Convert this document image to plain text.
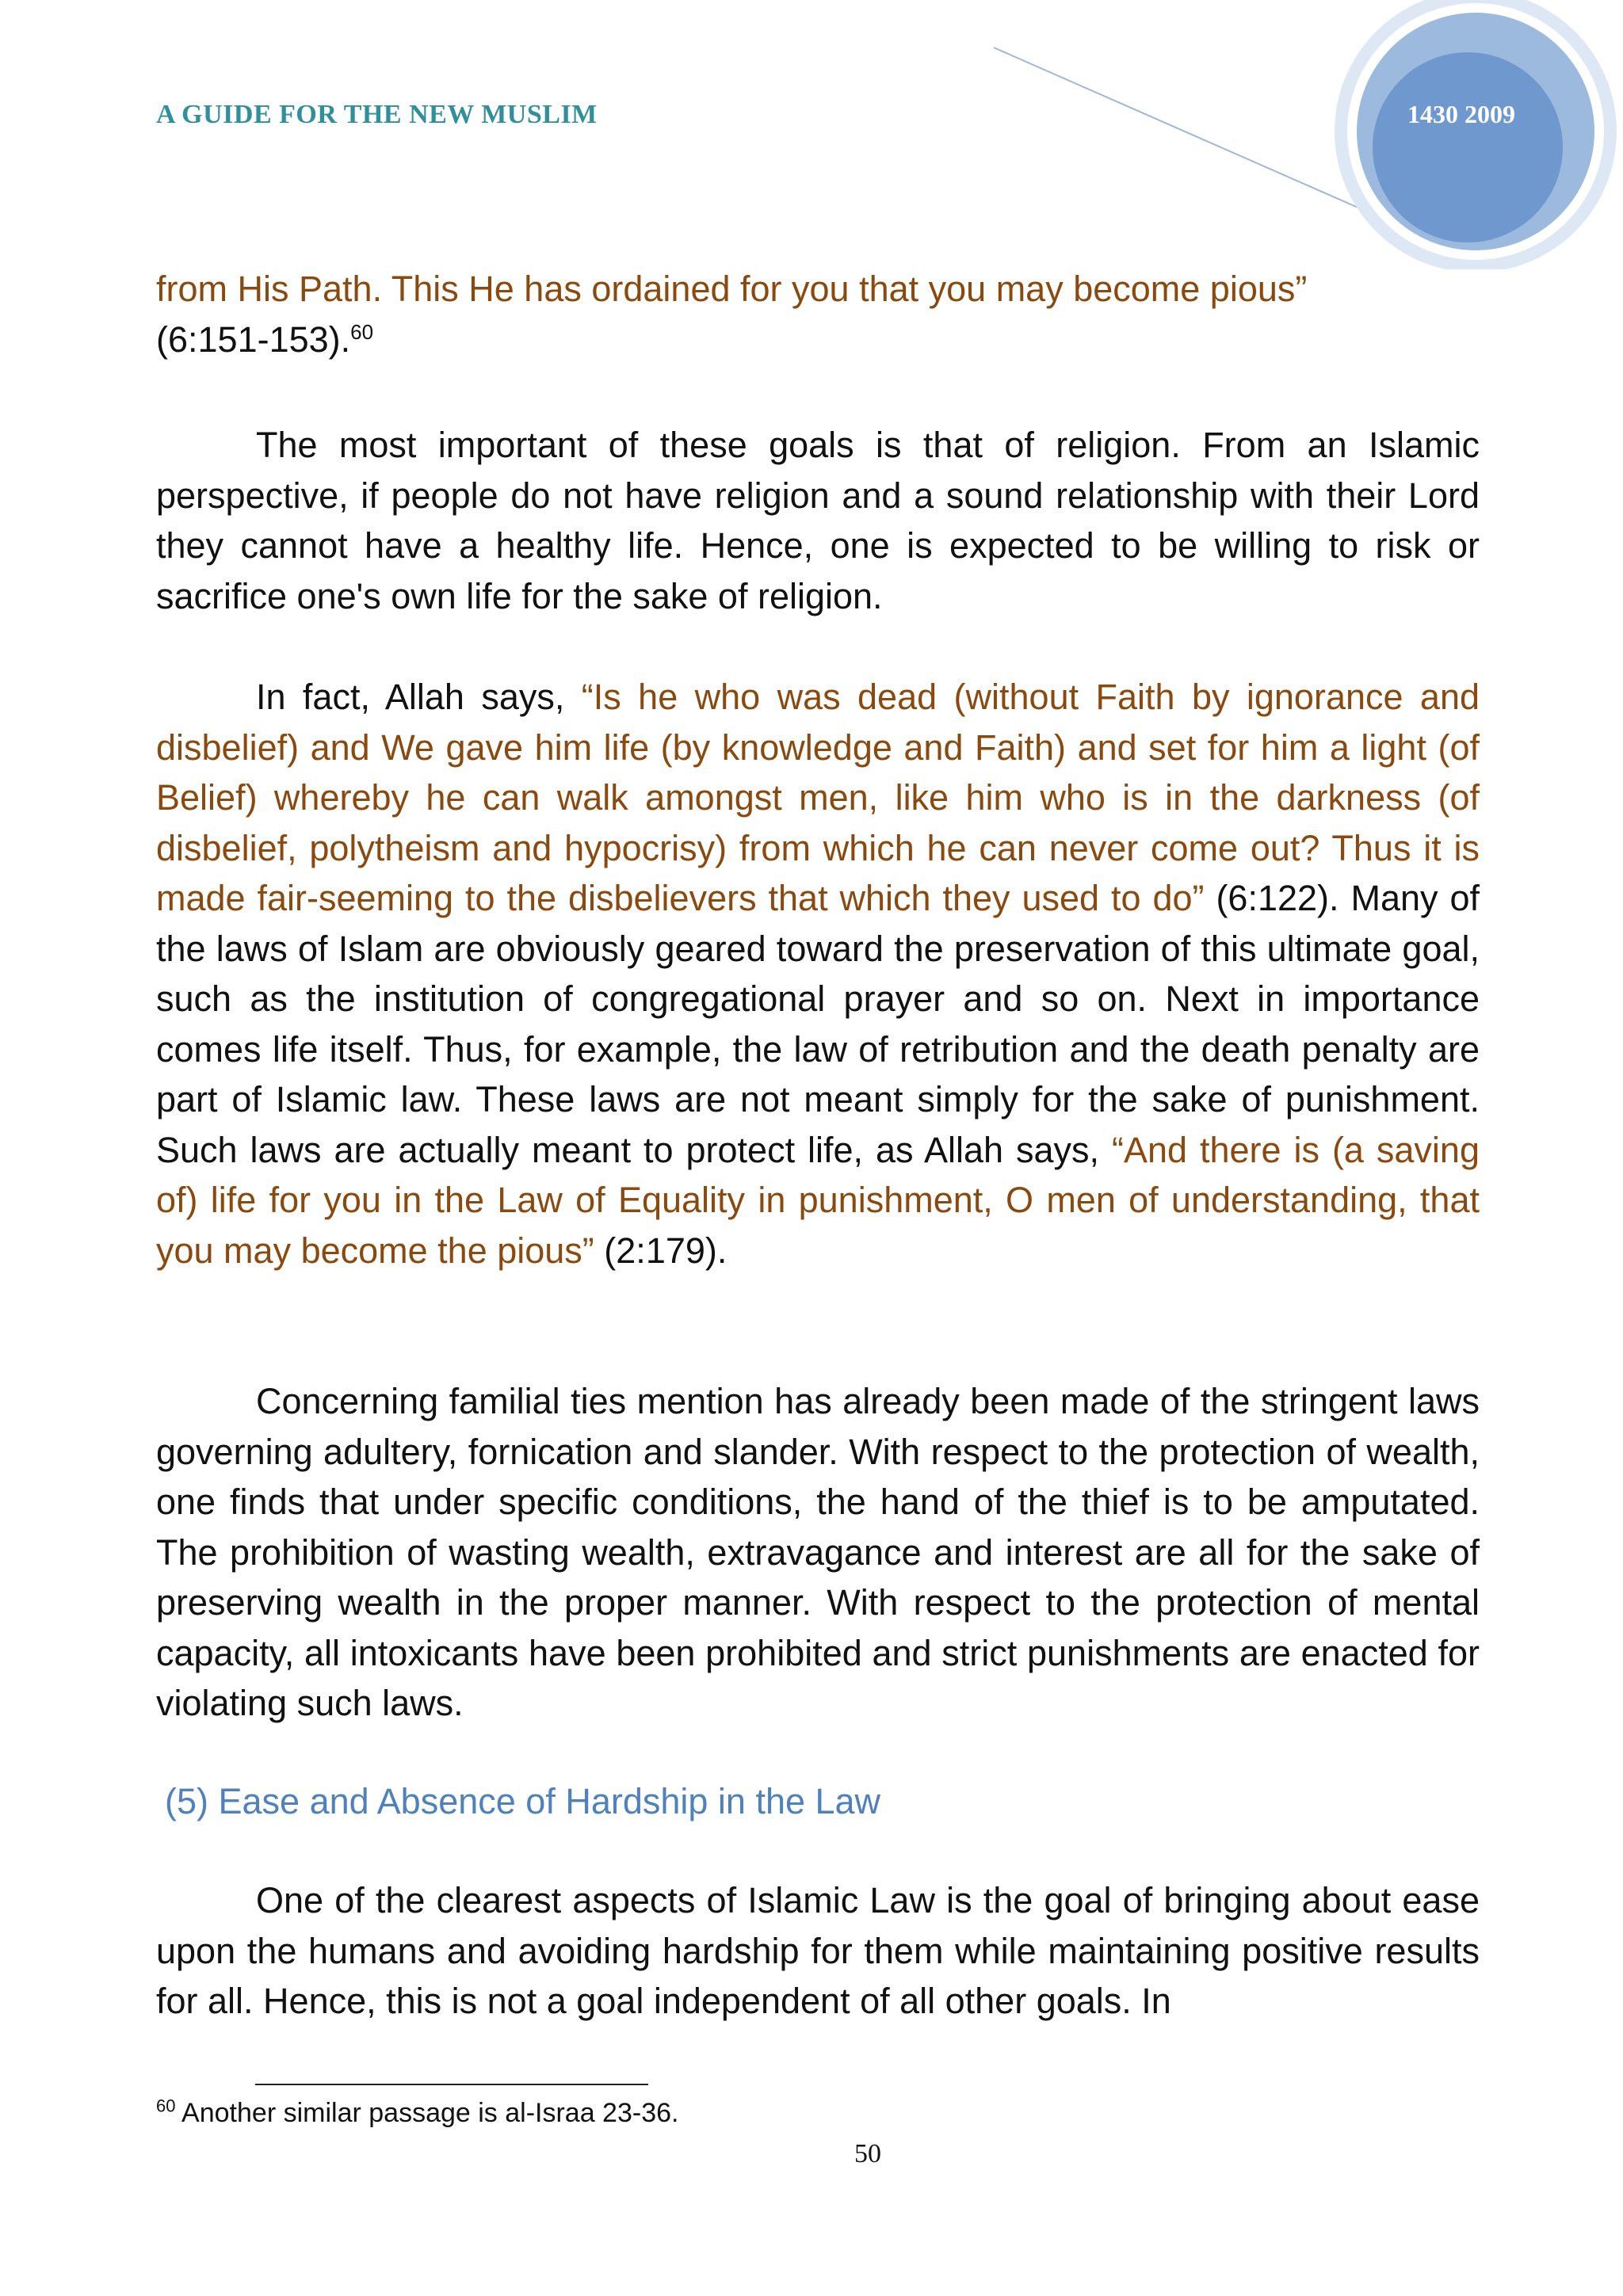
A GUIDE FOR THE NEW MUSLIM	1430 2009

from His Path. This He has ordained for you that you may become pious”
(6:151-153).$^{60}$

The most important of these goals is that of religion. From an Islamic perspective, if people do not have religion and a sound relationship with their Lord they cannot have a healthy life. Hence, one is expected to be willing to risk or sacrifice one's own life for the sake of religion.

In fact, Allah says, “Is he who was dead (without Faith by ignorance and disbelief) and We gave him life (by knowledge and Faith) and set for him a light (of Belief) whereby he can walk amongst men, like him who is in the darkness (of disbelief, polytheism and hypocrisy) from which he can never come out? Thus it is made fair-seeming to the disbelievers that which they used to do” (6:122). Many of the laws of Islam are obviously geared toward the preservation of this ultimate goal, such as the institution of congregational prayer and so on. Next in importance comes life itself. Thus, for example, the law of retribution and the death penalty are part of Islamic law. These laws are not meant simply for the sake of punishment. Such laws are actually meant to protect life, as Allah says, “And there is (a saving of) life for you in the Law of Equality in punishment, O men of understanding, that you may become the pious” (2:179).

Concerning familial ties mention has already been made of the stringent laws governing adultery, fornication and slander. With respect to the protection of wealth, one finds that under specific conditions, the hand of the thief is to be amputated. The prohibition of wasting wealth, extravagance and interest are all for the sake of preserving wealth in the proper manner. With respect to the protection of mental capacity, all intoxicants have been prohibited and strict punishments are enacted for violating such laws.

(5) Ease and Absence of Hardship in the Law

One of the clearest aspects of Islamic Law is the goal of bringing about ease upon the humans and avoiding hardship for them while maintaining positive results for all. Hence, this is not a goal independent of all other goals. In

$^{60}$ Another similar passage is al-Israa 23-36.
50
